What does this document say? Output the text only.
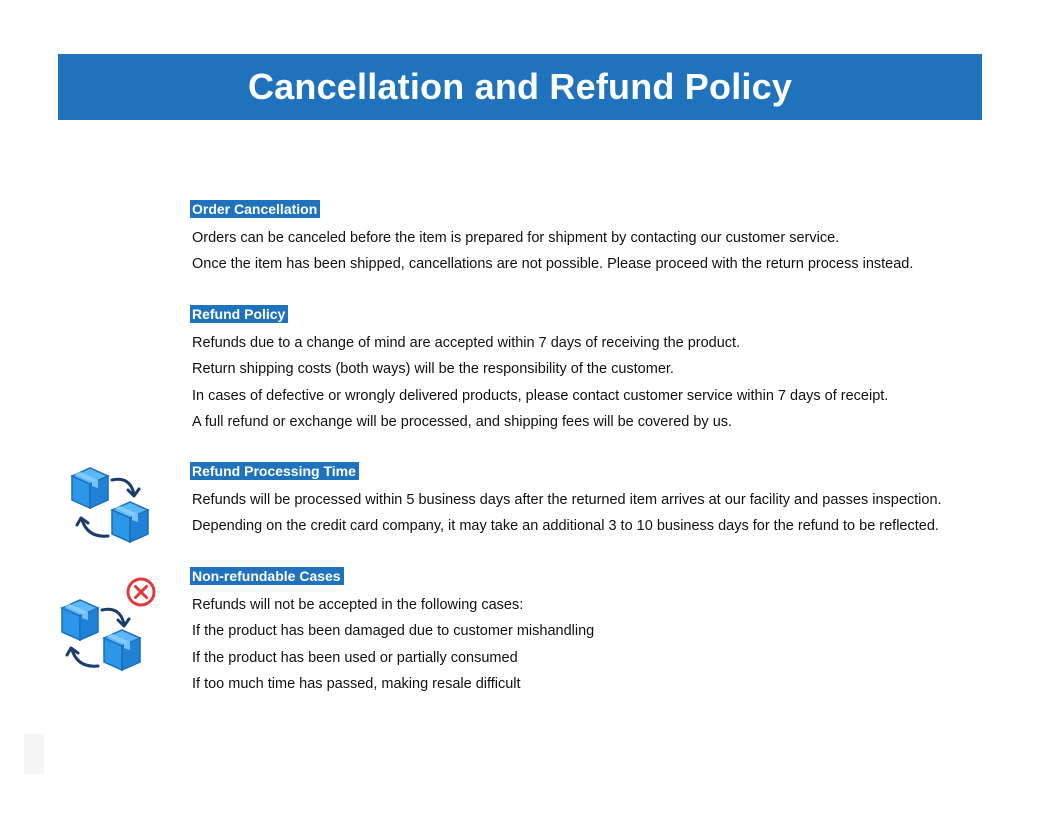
Cancellation and Refund Policy
Order Cancellation
Orders can be canceled before the item is prepared for shipment by contacting our customer service.
Once the item has been shipped, cancellations are not possible. Please proceed with the return process instead.
Refund Policy
Refunds due to a change of mind are accepted within 7 days of receiving the product.
Return shipping costs (both ways) will be the responsibility of the customer.
In cases of defective or wrongly delivered products, please contact customer service within 7 days of receipt.
A full refund or exchange will be processed, and shipping fees will be covered by us.
Refund Processing Time
Refunds will be processed within 5 business days after the returned item arrives at our facility and passes inspection.
Depending on the credit card company, it may take an additional 3 to 10 business days for the refund to be reflected.
Non-refundable Cases
Refunds will not be accepted in the following cases:
If the product has been damaged due to customer mishandling
If the product has been used or partially consumed
If too much time has passed, making resale difficult
